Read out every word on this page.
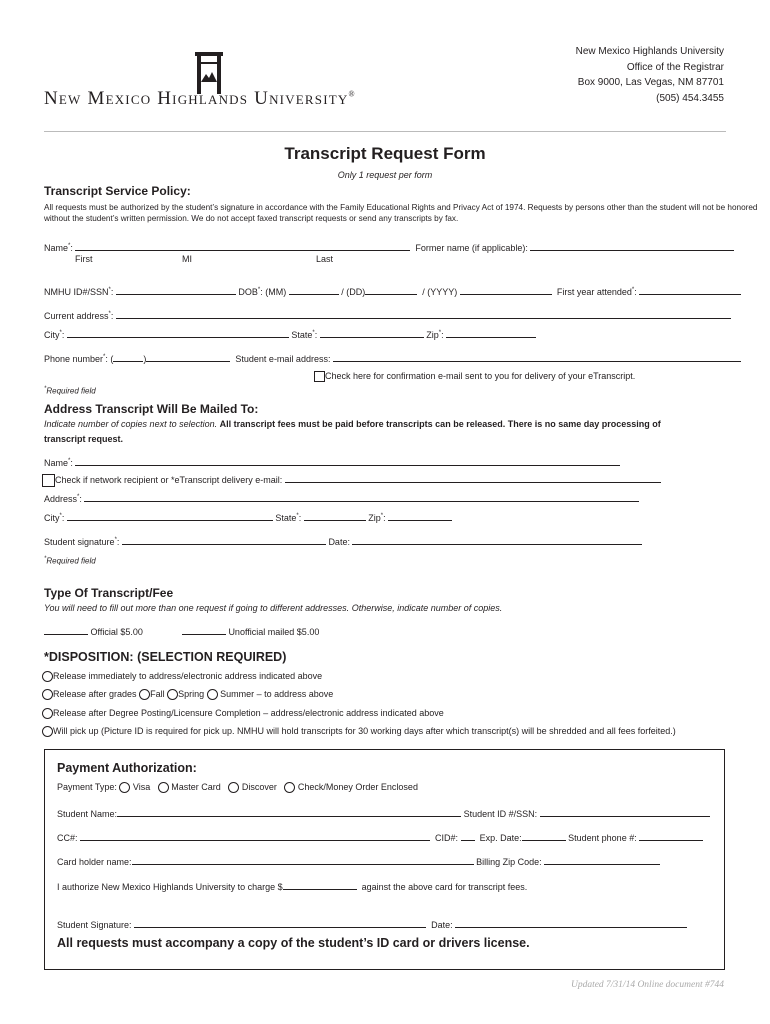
New Mexico Highlands University®
New Mexico Highlands University
Office of the Registrar
Box 9000, Las Vegas, NM 87701
(505) 454.3455
Transcript Request Form
Only 1 request per form
Transcript Service Policy:
All requests must be authorized by the student’s signature in accordance with the Family Educational Rights and Privacy Act of 1974. Requests by persons other than the student will not be honored
without the student’s written permission. We do not accept faxed transcript requests or send any transcripts by fax.
Name*:	Former name (if applicable):
First	MI	Last
NMHU ID#/SSN*:	DOB*: (MM)	/ (DD)	/ (YYYY)	First year attended*:
Current address*:
City*:	State*:	Zip*:
Phone number*: (	)	Student e-mail address:
Check here for confirmation e-mail sent to you for delivery of your eTranscript.
*Required field
Address Transcript Will Be Mailed To:
Indicate number of copies next to selection. All transcript fees must be paid before transcripts can be released. There is no same day processing of
transcript request.
Name*:
Check if network recipient or *eTranscript delivery e-mail:
Address*:
City*:	State*:	Zip*:
Student signature*:	Date:
*Required field
Type Of Transcript/Fee
You will need to fill out more than one request if going to different addresses. Otherwise, indicate number of copies.
Official $5.00	Unofficial mailed $5.00
*DISPOSITION: (SELECTION REQUIRED)
Release immediately to address/electronic address indicated above
Release after grades Fall Spring Summer – to address above
Release after Degree Posting/Licensure Completion – address/electronic address indicated above
Will pick up (Picture ID is required for pick up. NMHU will hold transcripts for 30 working days after which transcript(s) will be shredded and all fees forfeited.)
Payment Authorization:
Payment Type: Visa Master Card Discover Check/Money Order Enclosed
Student Name:	Student ID #/SSN:
CC#:	CID#: Exp. Date:	Student phone #:
Card holder name:	Billing Zip Code:
I authorize New Mexico Highlands University to charge $	against the above card for transcript fees.
Student Signature:	Date:
All requests must accompany a copy of the student’s ID card or drivers license.
Updated 7/31/14 Online document #744
